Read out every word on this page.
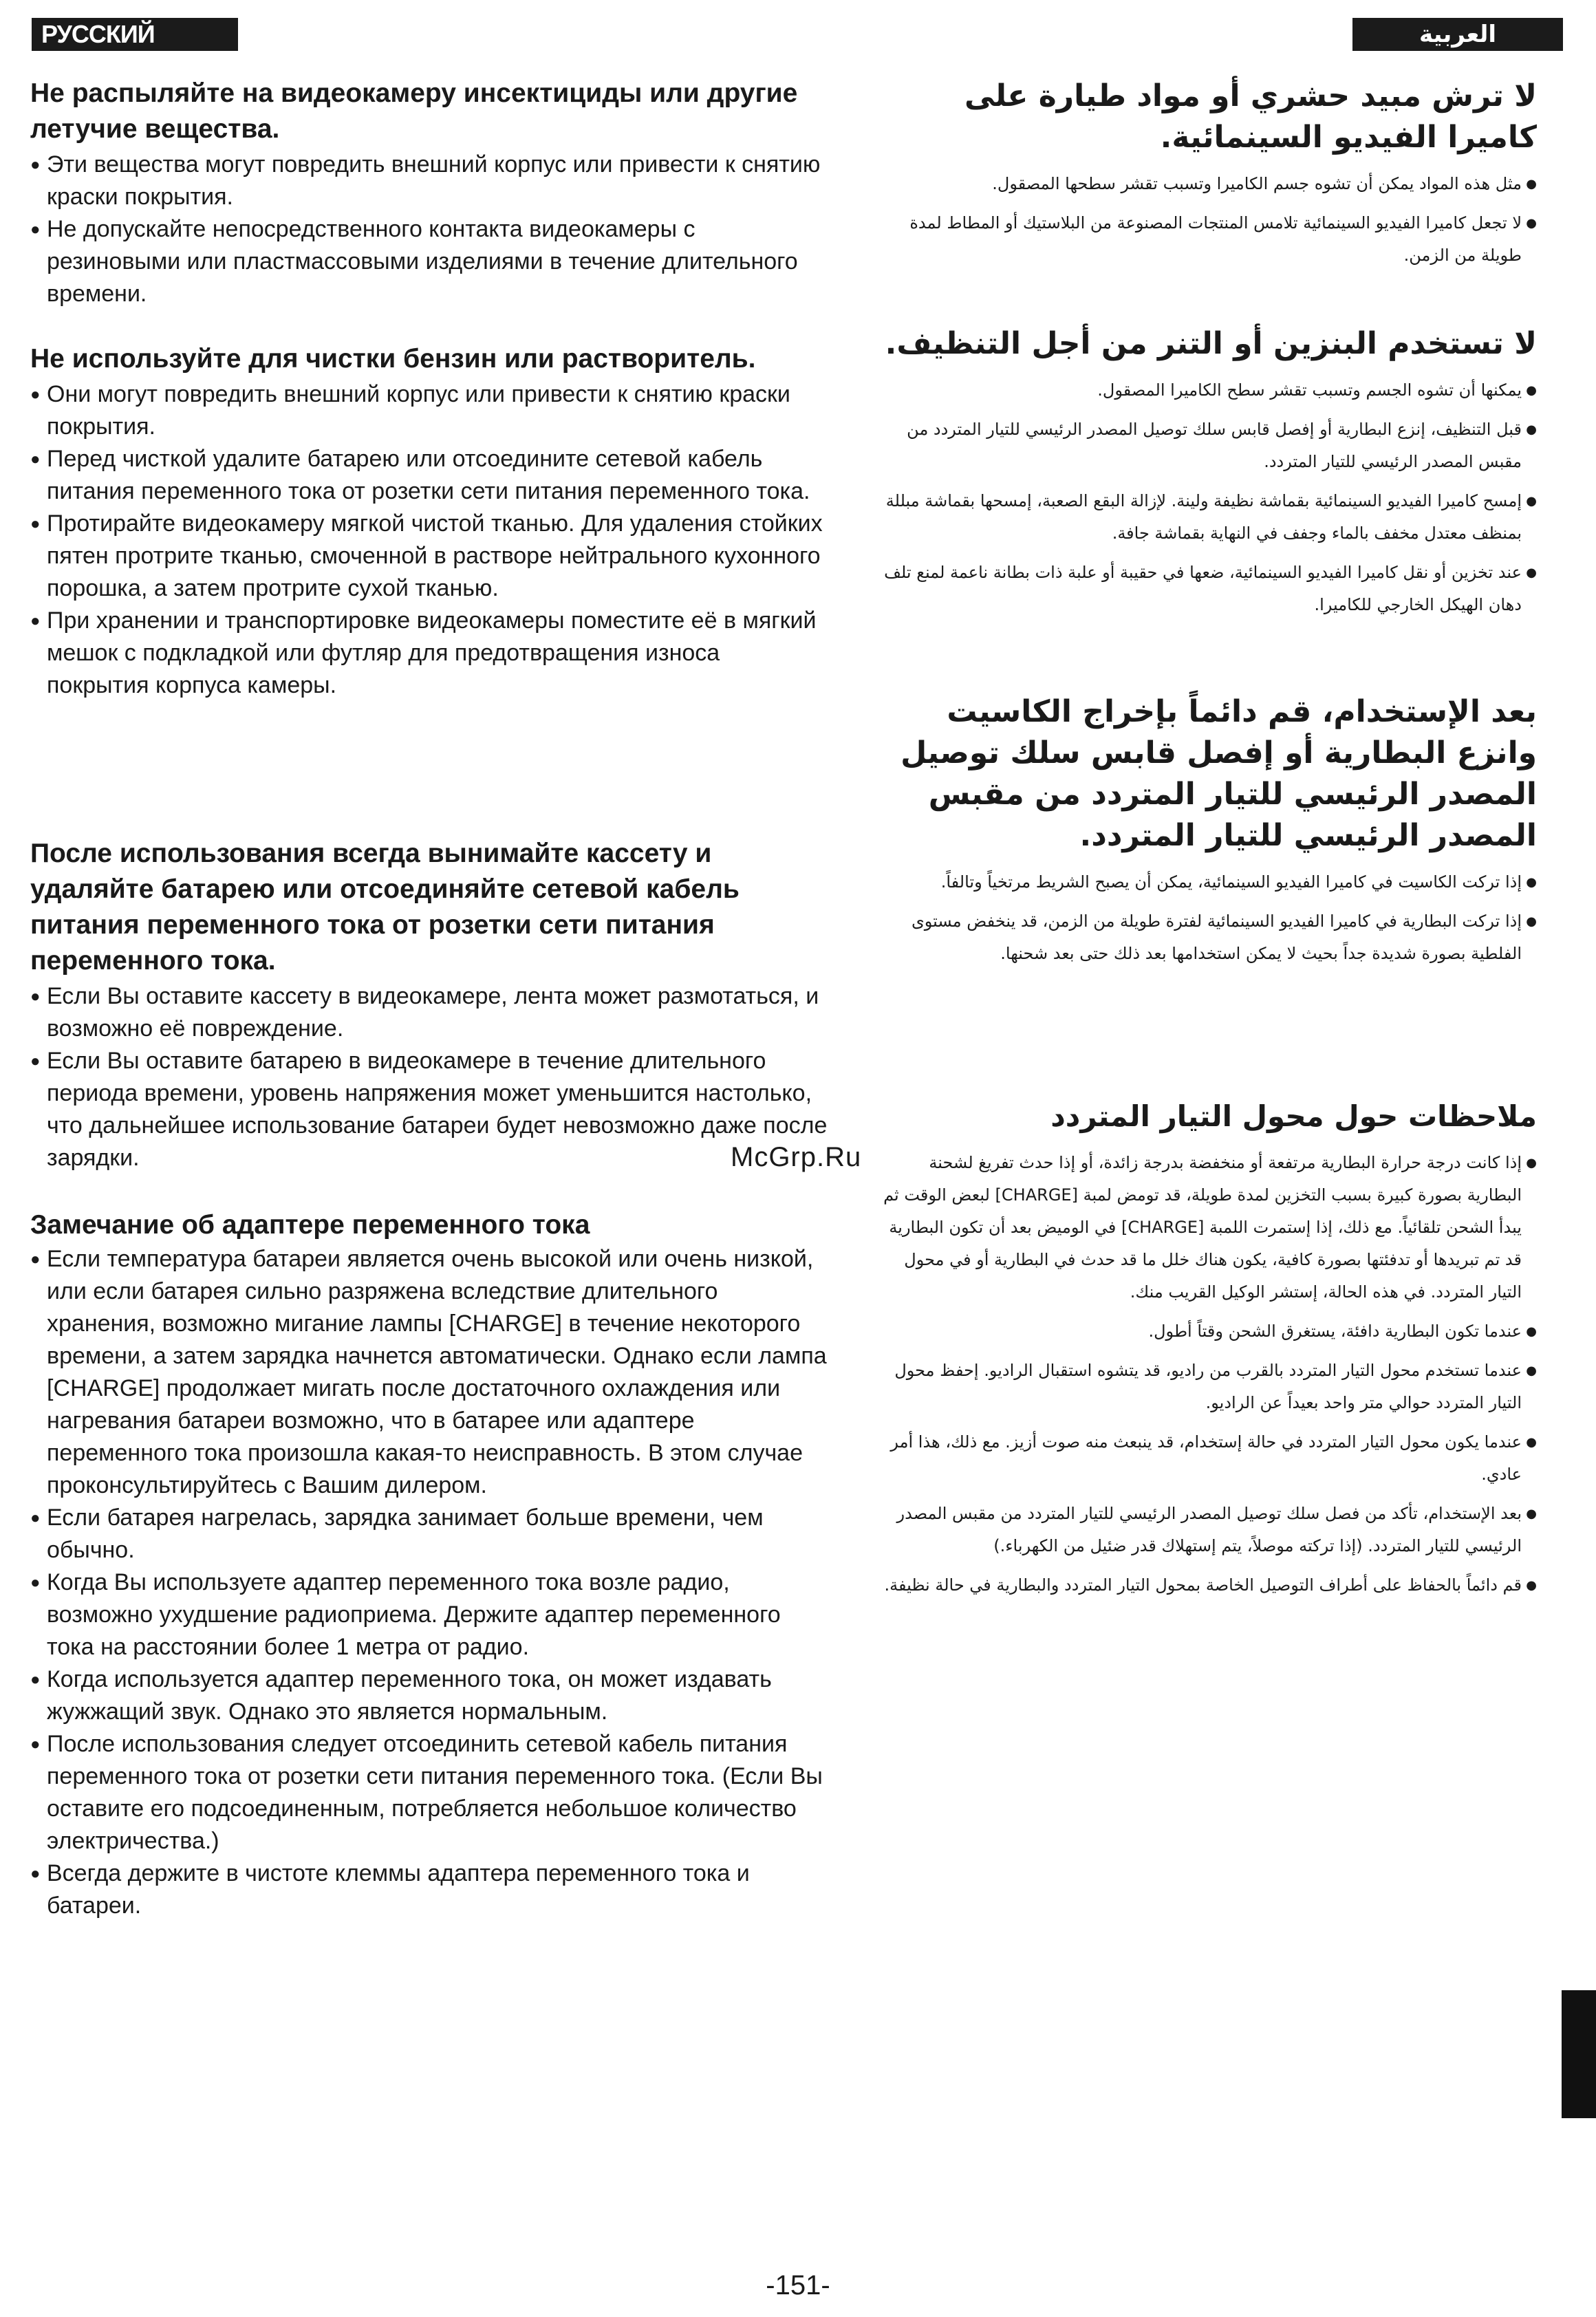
РУССКИЙ ЯЗЫК
العربية
Не распыляйте на видеокамеру инсектициды или другие летучие вещества.
● Эти вещества могут повредить внешний корпус или привести к снятию краски покрытия.
● Не допускайте непосредственного контакта видеокамеры с резиновыми или пластмассовыми изделиями в течение длительного времени.
Не используйте для чистки бензин или растворитель.
● Они могут повредить внешний корпус или привести к снятию краски покрытия.
● Перед чисткой удалите батарею или отсоедините сетевой кабель питания переменного тока от розетки сети питания переменного тока.
● Протирайте видеокамеру мягкой чистой тканью. Для удаления стойких пятен протрите тканью, смоченной в растворе нейтрального кухонного порошка, а затем протрите сухой тканью.
● При хранении и транспортировке видеокамеры поместите её в мягкий мешок с подкладкой или футляр для предотвращения износа покрытия корпуса камеры.
После использования всегда вынимайте кассету и удаляйте батарею или отсоединяйте сетевой кабель питания переменного тока от розетки сети питания переменного тока.
● Если Вы оставите кассету в видеокамере, лента может размотаться, и возможно её повреждение.
● Если Вы оставите батарею в видеокамере в течение длительного периода времени, уровень напряжения может уменьшится настолько, что дальнейшее использование батареи будет невозможно даже после зарядки.
Замечание об адаптере переменного тока
● Если температура батареи является очень высокой или очень низкой, или если батарея сильно разряжена вследствие длительного хранения, возможно мигание лампы [CHARGE] в течение некоторого времени, а затем зарядка начнется автоматически. Однако если лампа [CHARGE] продолжает мигать после достаточного охлаждения или нагревания батареи возможно, что в батарее или адаптере переменного тока произошла какая-то неисправность. В этом случае проконсультируйтесь с Вашим дилером.
● Если батарея нагрелась, зарядка занимает больше времени, чем обычно.
● Когда Вы используете адаптер переменного тока возле радио, возможно ухудшение радиоприема. Держите адаптер переменного тока на расстоянии более 1 метра от радио.
● Когда используется адаптер переменного тока, он может издавать жужжащий звук. Однако это является нормальным.
● После использования следует отсоединить сетевой кабель питания переменного тока от розетки сети питания переменного тока. (Если Вы оставите его подсоединенным, потребляется небольшое количество электричества.)
● Всегда держите в чистоте клеммы адаптера переменного тока и батареи.
لا ترش مبيد حشري أو مواد طيارة على كاميرا الفيديو السينمائية.
● مثل هذه المواد يمكن أن تشوه جسم الكاميرا وتسبب تقشر سطحها المصقول.
● لا تجعل كاميرا الفيديو السينمائية تلامس المنتجات المصنوعة من البلاستيك أو المطاط لمدة طويلة من الزمن.
لا تستخدم البنزين أو التنر من أجل التنظيف.
● يمكنها أن تشوه الجسم وتسبب تقشر سطح الكاميرا المصقول.
● قبل التنظيف، إنزع البطارية أو إفصل قابس سلك توصيل المصدر الرئيسي للتيار المتردد من مقبس المصدر الرئيسي للتيار المتردد.
● إمسح كاميرا الفيديو السينمائية بقماشة نظيفة ولينة. لإزالة البقع الصعبة، إمسحها بقماشة مبللة بمنظف معتدل مخفف بالماء وجفف في النهاية بقماشة جافة.
● عند تخزين أو نقل كاميرا الفيديو السينمائية، ضعها في حقيبة أو علبة ذات بطانة ناعمة لمنع تلف دهان الهيكل الخارجي للكاميرا.
بعد الإستخدام، قم دائماً بإخراج الكاسيت وانزع البطارية أو إفصل قابس سلك توصيل المصدر الرئيسي للتيار المتردد من مقبس المصدر الرئيسي للتيار المتردد.
● إذا تركت الكاسيت في كاميرا الفيديو السينمائية، يمكن أن يصبح الشريط مرتخياً وتالفاً.
● إذا تركت البطارية في كاميرا الفيديو السينمائية لفترة طويلة من الزمن، قد ينخفض مستوى الفلطية بصورة شديدة جداً بحيث لا يمكن استخدامها بعد ذلك حتى بعد شحنها.
ملاحظات حول محول التيار المتردد
● إذا كانت درجة حرارة البطارية مرتفعة أو منخفضة بدرجة زائدة، أو إذا حدث تفريغ لشحنة البطارية بصورة كبيرة بسبب التخزين لمدة طويلة، قد تومض لمبة [CHARGE] لبعض الوقت ثم يبدأ الشحن تلقائياً. مع ذلك، إذا إستمرت اللمبة [CHARGE] في الوميض بعد أن تكون البطارية قد تم تبريدها أو تدفئتها بصورة كافية، يكون هناك خلل ما قد حدث في البطارية أو في محول التيار المتردد. في هذه الحالة، إستشر الوكيل القريب منك.
● عندما تكون البطارية دافئة، يستغرق الشحن وقتاً أطول.
● عندما تستخدم محول التيار المتردد بالقرب من راديو، قد يتشوه استقبال الراديو. إحفظ محول التيار المتردد حوالي متر واحد بعيداً عن الراديو.
● عندما يكون محول التيار المتردد في حالة إستخدام، قد ينبعث منه صوت أزيز. مع ذلك، هذا أمر عادي.
● بعد الإستخدام، تأكد من فصل سلك توصيل المصدر الرئيسي للتيار المتردد من مقبس المصدر الرئيسي للتيار المتردد. (إذا تركته موصلاً، يتم إستهلاك قدر ضئيل من الكهرباء.)
● قم دائماً بالحفاظ على أطراف التوصيل الخاصة بمحول التيار المتردد والبطارية في حالة نظيفة.
McGrp.Ru
-151-
